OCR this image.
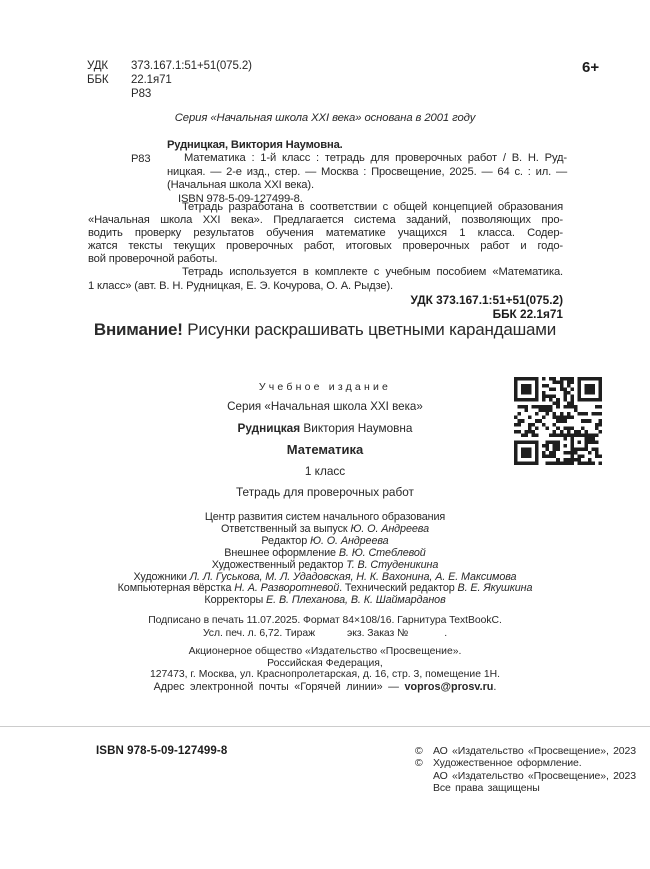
УДК 373.167.1:51+51(075.2)
ББК 22.1я71
Р83
6+
Серия «Начальная школа XXI века» основана в 2001 году
Р83
Рудницкая, Виктория Наумовна.
Математика : 1-й класс : тетрадь для проверочных работ / В. Н. Руд-
ницкая. — 2-е изд., стер. — Москва : Просвещение, 2025. — 64 с. : ил. —
(Начальная школа XXI века).
ISBN 978-5-09-127499-8.
Тетрадь разработана в соответствии с общей концепцией образования
«Начальная школа XXI века». Предлагается система заданий, позволяющих про-
водить проверку результатов обучения математике учащихся 1 класса. Содер-
жатся тексты текущих проверочных работ, итоговых проверочных работ и годо-
вой проверочной работы.
Тетрадь используется в комплекте с учебным пособием «Математика.
1 класс» (авт. В. Н. Рудницкая, Е. Э. Кочурова, О. А. Рыдзе).
УДК 373.167.1:51+51(075.2)
ББК 22.1я71
Внимание! Рисунки раскрашивать цветными карандашами
Учебное издание
Серия «Начальная школа XXI века»
Рудницкая Виктория Наумовна
Математика
1 класс
Тетрадь для проверочных работ
Центр развития систем начального образования
Ответственный за выпуск Ю. О. Андреева
Редактор Ю. О. Андреева
Внешнее оформление В. Ю. Стеблевой
Художественный редактор Т. В. Студеникина
Художники Л. Л. Гуськова, М. Л. Удадовская, Н. К. Вахонина, А. Е. Максимова
Компьютерная вёрстка Н. А. Разворотневой. Технический редактор В. Е. Якушкина
Корректоры Е. В. Плеханова, В. К. Шаймарданов
Подписано в печать 11.07.2025. Формат 84×108/16. Гарнитура TextBookC.
Усл. печ. л. 6,72. Тираж	экз. Заказ №	.
Акционерное общество «Издательство «Просвещение».
Российская Федерация,
127473, г. Москва, ул. Краснопролетарская, д. 16, стр. 3, помещение 1Н.
Адрес электронной почты «Горячей линии» — vopros@prosv.ru.
ISBN 978-5-09-127499-8	© АО «Издательство «Просвещение», 2023
© Художественное оформление.
АО «Издательство «Просвещение», 2023
Все права защищены
